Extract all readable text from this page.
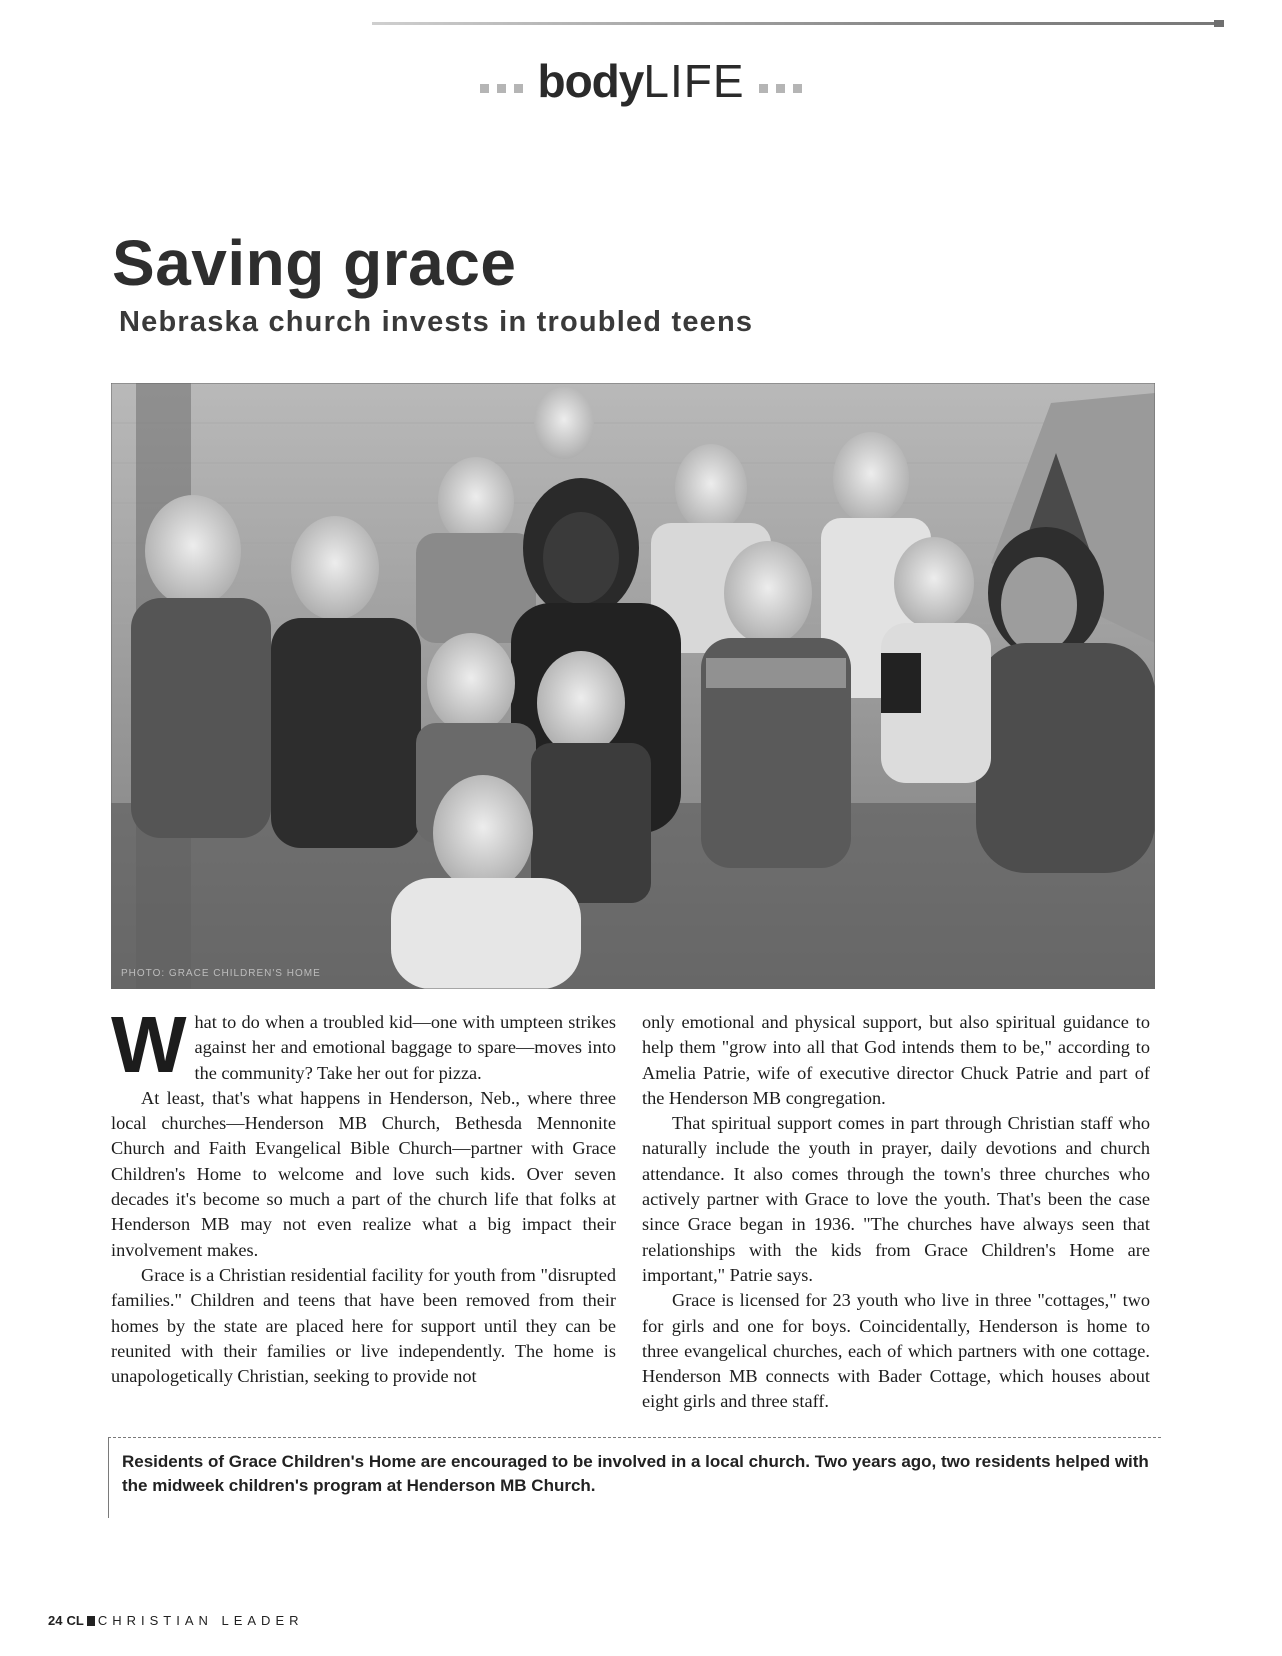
bodyLIFE
Saving grace
Nebraska church invests in troubled teens
PHOTO: GRACE CHILDREN'S HOME

What to do when a troubled kid—one with umpteen strikes against her and emotional baggage to spare—moves into the community? Take her out for pizza.

At least, that's what happens in Henderson, Neb., where three local churches—Henderson MB Church, Bethesda Mennonite Church and Faith Evangelical Bible Church—partner with Grace Children's Home to welcome and love such kids. Over seven decades it's become so much a part of the church life that folks at Henderson MB may not even realize what a big impact their involvement makes.

Grace is a Christian residential facility for youth from "disrupted families." Children and teens that have been removed from their homes by the state are placed here for support until they can be reunited with their families or live independently. The home is unapologetically Christian, seeking to provide not

only emotional and physical support, but also spiritual guidance to help them "grow into all that God intends them to be," according to Amelia Patrie, wife of executive director Chuck Patrie and part of the Henderson MB congregation.

That spiritual support comes in part through Christian staff who naturally include the youth in prayer, daily devotions and church attendance. It also comes through the town's three churches who actively partner with Grace to love the youth. That's been the case since Grace began in 1936. "The churches have always seen that relationships with the kids from Grace Children's Home are important," Patrie says.

Grace is licensed for 23 youth who live in three "cottages," two for girls and one for boys. Coincidentally, Henderson is home to three evangelical churches, each of which partners with one cottage. Henderson MB connects with Bader Cottage, which houses about eight girls and three staff.

Residents of Grace Children's Home are encouraged to be involved in a local church. Two years ago, two residents helped with the midweek children's program at Henderson MB Church.
24 CL CHRISTIAN LEADER
